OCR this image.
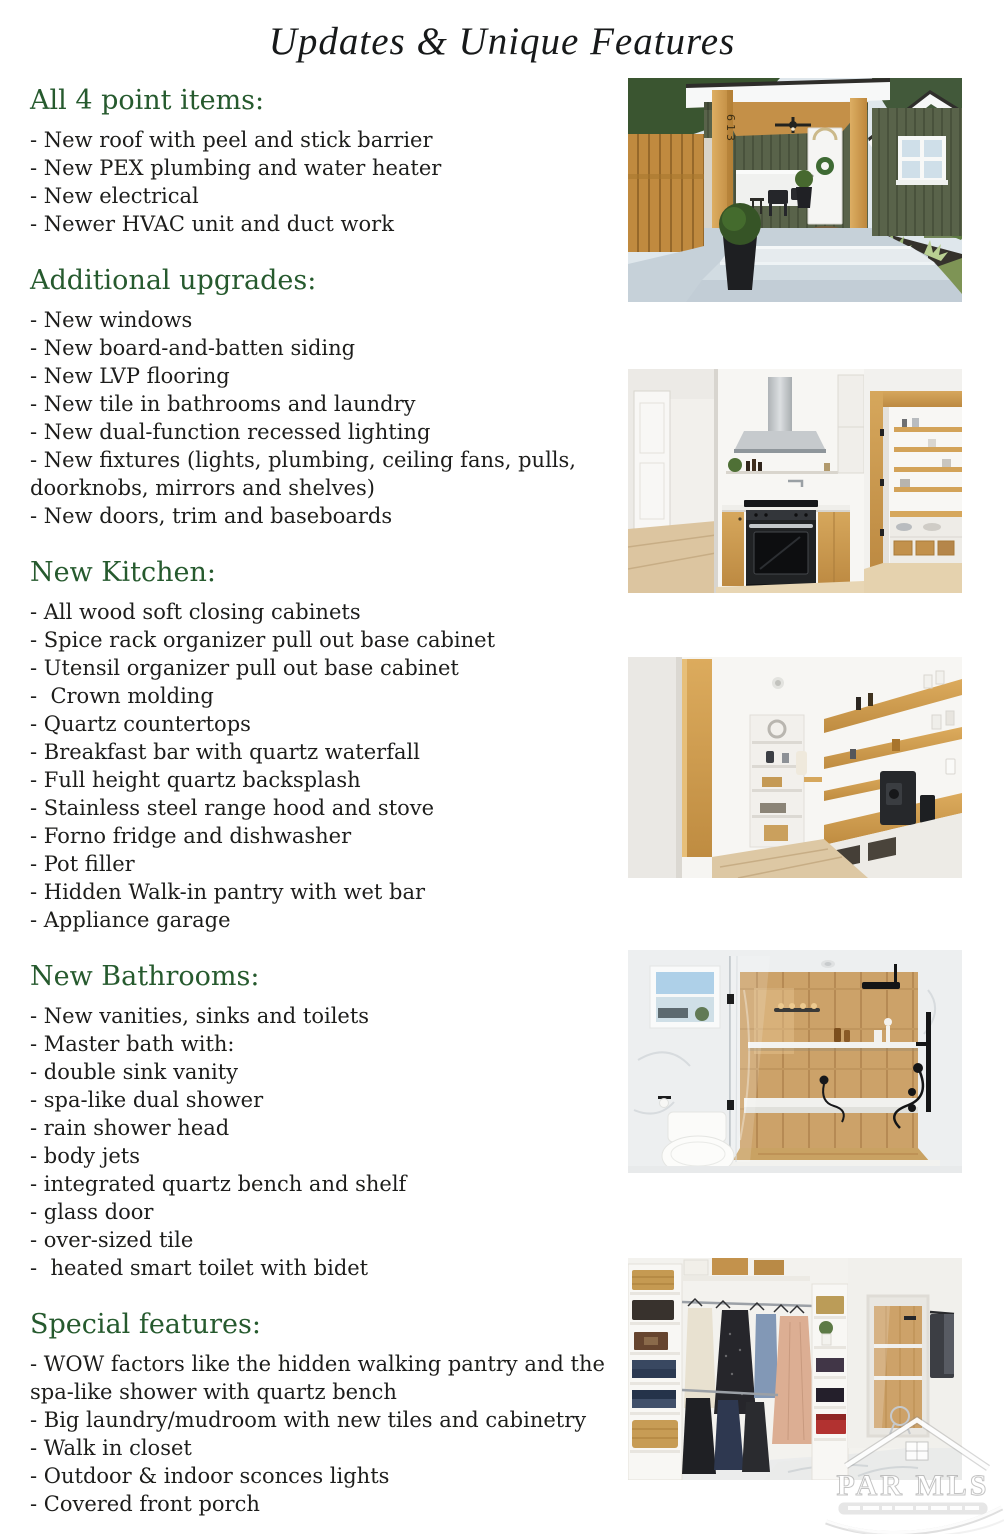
Updates & Unique Features
All 4 point items:
- New roof with peel and stick barrier
- New PEX plumbing and water heater
- New electrical
- Newer HVAC unit and duct work
Additional upgrades:
- New windows
- New board-and-batten siding
- New LVP flooring
- New tile in bathrooms and laundry
- New dual-function recessed lighting
- New fixtures (lights, plumbing, ceiling fans, pulls, doorknobs, mirrors and shelves)
- New doors, trim and baseboards
New Kitchen:
- All wood soft closing cabinets
- Spice rack organizer pull out base cabinet
- Utensil organizer pull out base cabinet
-  Crown molding
- Quartz countertops
- Breakfast bar with quartz waterfall
- Full height quartz backsplash
- Stainless steel range hood and stove
- Forno fridge and dishwasher
- Pot filler
- Hidden Walk-in pantry with wet bar
- Appliance garage
New Bathrooms:
- New vanities, sinks and toilets
- Master bath with:
- double sink vanity
- spa-like dual shower
- rain shower head
- body jets
- integrated quartz bench and shelf
- glass door
- over-sized tile
-  heated smart toilet with bidet
Special features:
- WOW factors like the hidden walking pantry and the spa-like shower with quartz bench
- Big laundry/mudroom with new tiles and cabinetry
- Walk in closet
- Outdoor & indoor sconces lights
- Covered front porch
613
PAR MLS
